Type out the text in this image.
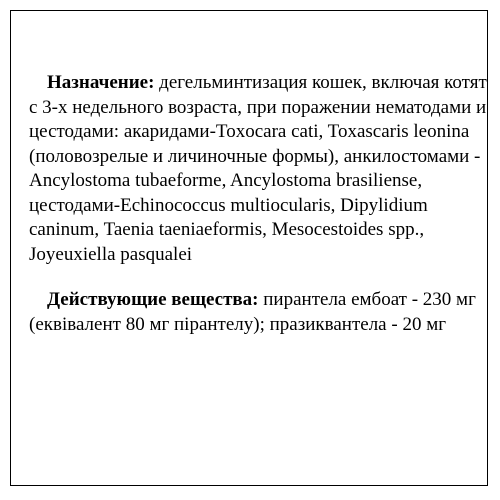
Назначение: дегельминтизация кошек, включая котят с 3-х недельного возраста, при поражении нематодами и цестодами: акаридами-Toxocara cati, Toxascaris leonina (половозрелые и личиночные формы), анкилостомами - Ancylostoma tubaeforme, Ancylostoma brasiliense, цестодами-Echinococcus multiocularis, Dipylidium caninum, Taenia taeniaeformis, Mesocestoides spp., Joyeuxiella pasqualei

Действующие вещества: пирантела ембоат - 230 мг (еквівалент 80 мг пірантелу); празиквантела - 20 мг
